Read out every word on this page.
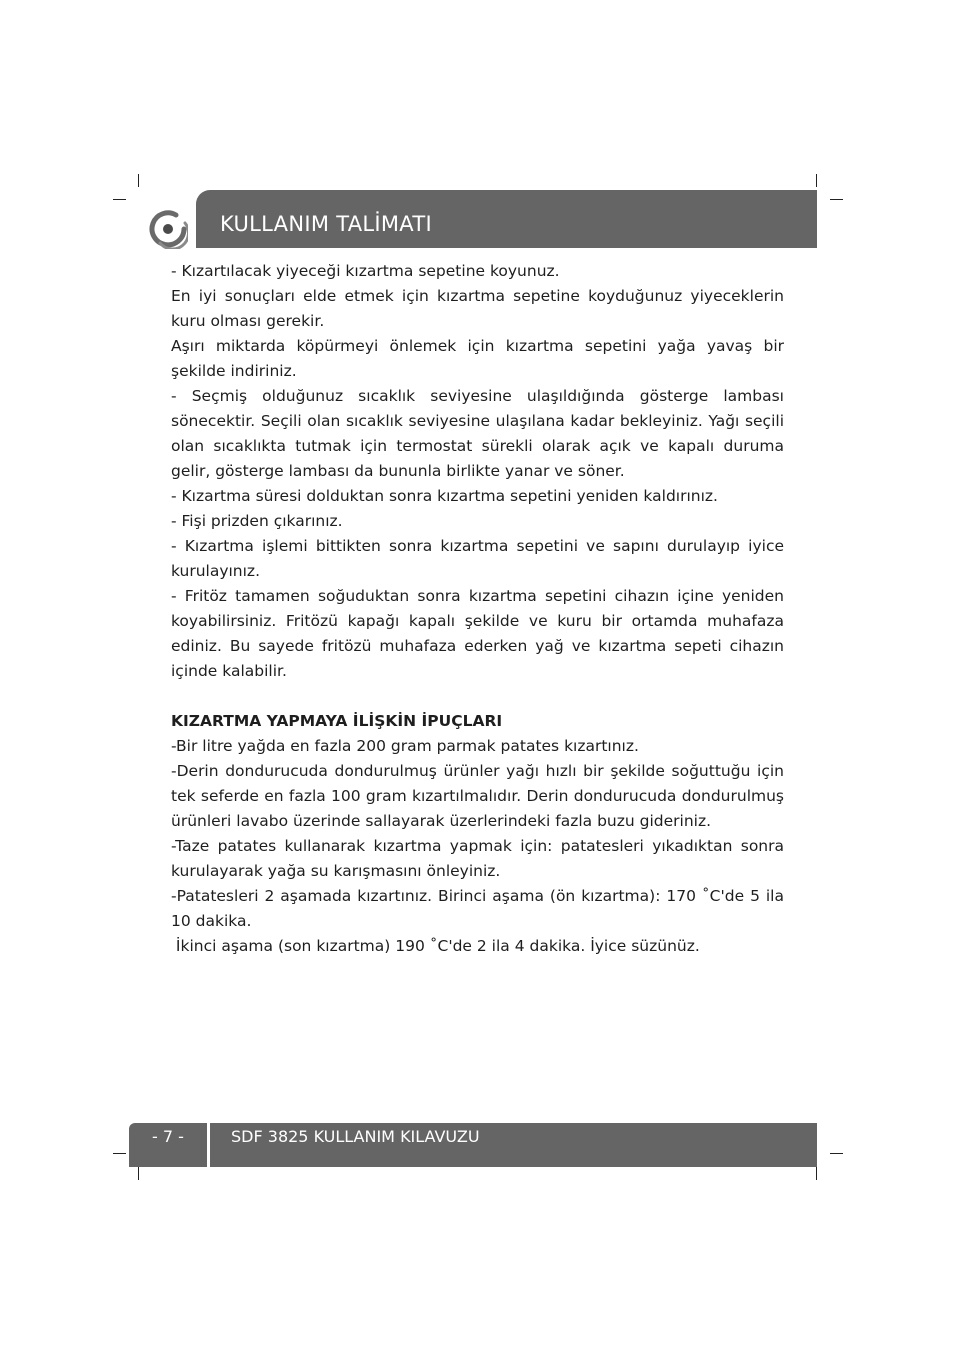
KULLANIM TALİMATI

- Kızartılacak yiyeceği kızartma sepetine koyunuz.

En iyi sonuçları elde etmek için kızartma sepetine koyduğunuz yiyeceklerin kuru olması gerekir.

Aşırı miktarda köpürmeyi önlemek için kızartma sepetini yağa yavaş bir şekilde indiriniz.

- Seçmiş olduğunuz sıcaklık seviyesine ulaşıldığında gösterge lambası sönecektir. Seçili olan sıcaklık seviyesine ulaşılana kadar bekleyiniz. Yağı seçili olan sıcaklıkta tutmak için termostat sürekli olarak açık ve kapalı duruma gelir, gösterge lambası da bununla birlikte yanar ve söner.

- Kızartma süresi dolduktan sonra kızartma sepetini yeniden kaldırınız.

- Fişi prizden çıkarınız.

- Kızartma işlemi bittikten sonra kızartma sepetini ve sapını durulayıp iyice kurulayınız.

- Fritöz tamamen soğuduktan sonra kızartma sepetini cihazın içine yeniden koyabilirsiniz. Fritözü kapağı kapalı şekilde ve kuru bir ortamda muhafaza ediniz. Bu sayede fritözü muhafaza ederken yağ ve kızartma sepeti cihazın içinde kalabilir.

KIZARTMA YAPMAYA İLİŞKİN İPUÇLARI

-Bir litre yağda en fazla 200 gram parmak patates kızartınız.

-Derin dondurucuda dondurulmuş ürünler yağı hızlı bir şekilde soğuttuğu için tek seferde en fazla 100 gram kızartılmalıdır. Derin dondurucuda dondurulmuş ürünleri lavabo üzerinde sallayarak üzerlerindeki fazla buzu gideriniz.

-Taze patates kullanarak kızartma yapmak için: patatesleri yıkadıktan sonra kurulayarak yağa su karışmasını önleyiniz.

-Patatesleri 2 aşamada kızartınız. Birinci aşama (ön kızartma): 170 ˚C'de 5 ila 10 dakika.

İkinci aşama (son kızartma) 190 ˚C'de 2 ila 4 dakika. İyice süzünüz.

- 7 -	SDF 3825 KULLANIM KILAVUZU
